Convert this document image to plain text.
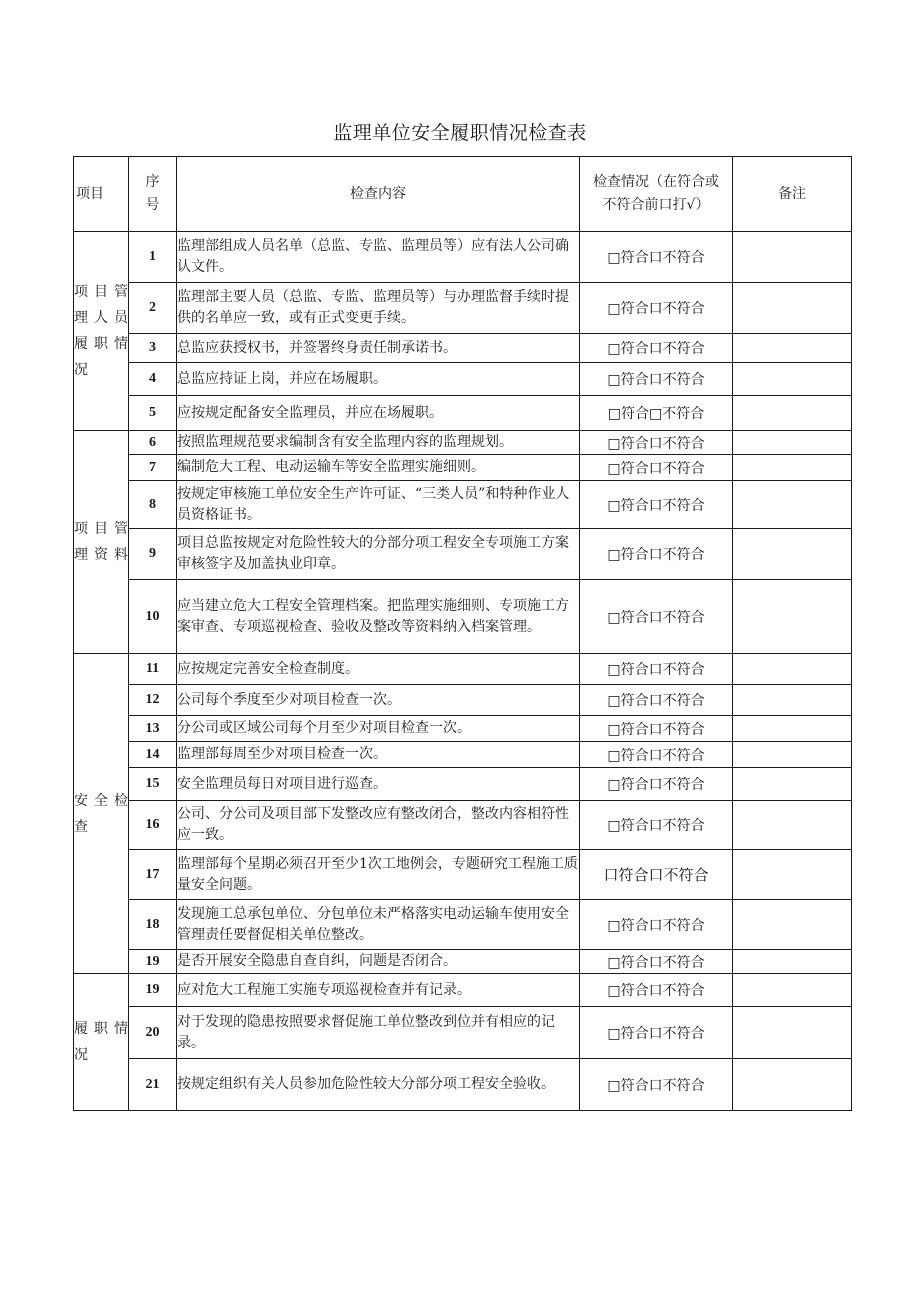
监理单位安全履职情况检查表
项目	序号	检查内容	检查情况（在符合或不符合前口打√）	备注
项目管理人员履职情况	1	监理部组成人员名单（总监、专监、监理员等）应有法人公司确认文件。	□符合口不符合	
	2	监理部主要人员（总监、专监、监理员等）与办理监督手续时提供的名单应一致，或有正式变更手续。	□符合口不符合	
	3	总监应获授权书，并签署终身责任制承诺书。	□符合口不符合	
	4	总监应持证上岗，并应在场履职。	□符合口不符合	
	5	应按规定配备安全监理员，并应在场履职。	□符合□不符合	
项目管理资料	6	按照监理规范要求编制含有安全监理内容的监理规划。	□符合口不符合	
	7	编制危大工程、电动运输车等安全监理实施细则。	□符合口不符合	
	8	按规定审核施工单位安全生产许可证、“三类人员”和特种作业人员资格证书。	□符合口不符合	
	9	项目总监按规定对危险性较大的分部分项工程安全专项施工方案审核签字及加盖执业印章。	□符合口不符合	
	10	应当建立危大工程安全管理档案。把监理实施细则、专项施工方案审查、专项巡视检查、验收及整改等资料纳入档案管理。	□符合口不符合	
安全检查	11	应按规定完善安全检查制度。	□符合口不符合	
	12	公司每个季度至少对项目检查一次。	□符合口不符合	
	13	分公司或区域公司每个月至少对项目检查一次。	□符合口不符合	
	14	监理部每周至少对项目检查一次。	□符合口不符合	
	15	安全监理员每日对项目进行巡查。	□符合口不符合	
	16	公司、分公司及项目部下发整改应有整改闭合，整改内容相符性应一致。	□符合口不符合	
	17	监理部每个星期必须召开至少1次工地例会，专题研究工程施工质量安全问题。	口符合口不符合	
	18	发现施工总承包单位、分包单位未严格落实电动运输车使用安全管理责任要督促相关单位整改。	□符合口不符合	
	19	是否开展安全隐患自查自纠，问题是否闭合。	□符合口不符合	
履职情况	19	应对危大工程施工实施专项巡视检查并有记录。	□符合口不符合	
	20	对于发现的隐患按照要求督促施工单位整改到位并有相应的记录。	□符合口不符合	
	21	按规定组织有关人员参加危险性较大分部分项工程安全验收。	□符合口不符合	
